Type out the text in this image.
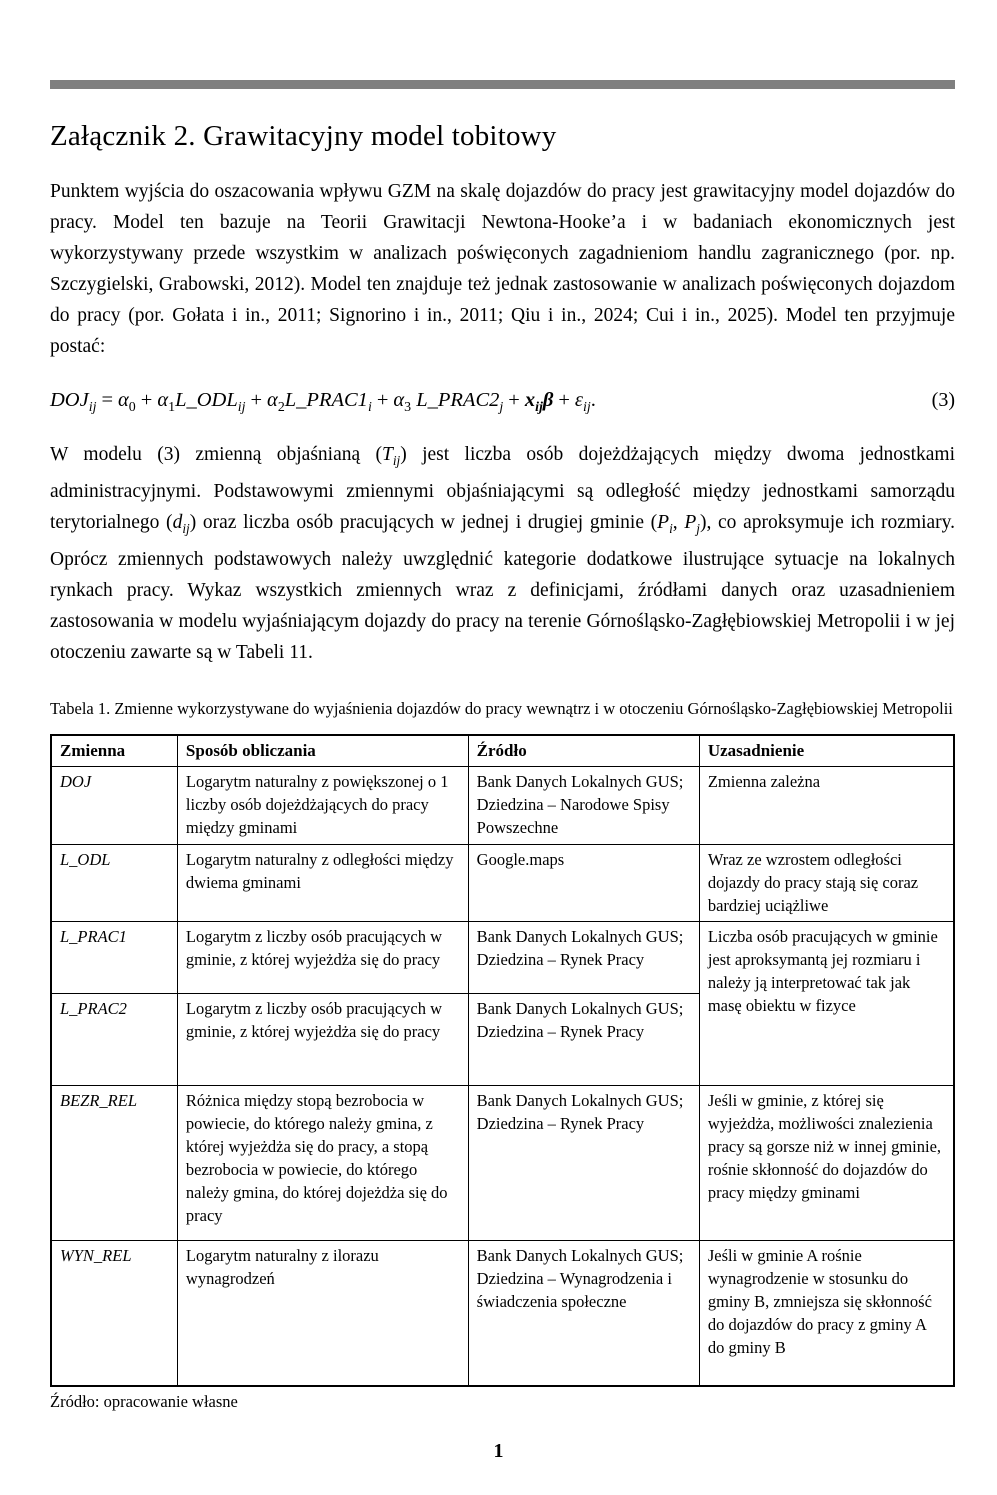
Załącznik 2. Grawitacyjny model tobitowy

Punktem wyjścia do oszacowania wpływu GZM na skalę dojazdów do pracy jest grawitacyjny model dojazdów do pracy. Model ten bazuje na Teorii Grawitacji Newtona-Hooke’a i w badaniach ekonomicznych jest wykorzystywany przede wszystkim w analizach poświęconych zagadnieniom handlu zagranicznego (por. np. Szczygielski, Grabowski, 2012). Model ten znajduje też jednak zastosowanie w analizach poświęconych dojazdom do pracy (por. Gołata i in., 2011; Signorino i in., 2011; Qiu i in., 2024; Cui i in., 2025). Model ten przyjmuje postać:

$DOJ_{ij} = \alpha_0$ + $\alpha_1L\_ODL_{ij}$ + $\alpha_2L\_PRAC1_i + \alpha_3$ $L\_PRAC2_j + x_{ij}\beta + \varepsilon_{ij}$.	(3)

W modelu (3) zmienną objaśnianą $(T_{ij})$ jest liczba osób dojeżdżających między dwoma jednostkami administracyjnymi. Podstawowymi zmiennymi objaśniającymi są odległość między jednostkami samorządu terytorialnego $(d_{ij})$ oraz liczba osób pracujących w jednej i drugiej gminie ($P_i$, $P_j$), co aproksymuje ich rozmiary. Oprócz zmiennych podstawowych należy uwzględnić kategorie dodatkowe ilustrujące sytuacje na lokalnych rynkach pracy. Wykaz wszystkich zmiennych wraz z definicjami, źródłami danych oraz uzasadnieniem zastosowania w modelu wyjaśniającym dojazdy do pracy na terenie Górnośląsko-Zagłębiowskiej Metropolii i w jej otoczeniu zawarte są w Tabeli 11.

Tabela 1. Zmienne wykorzystywane do wyjaśnienia dojazdów do pracy wewnątrz i w otoczeniu Górnośląsko-Zagłębiowskiej Metropolii

Zmienna	Sposób obliczania	Źródło	Uzasadnienie
DOJ	Logarytm naturalny z powiększonej o 1 liczby osób dojeżdżających do pracy między gminami	Bank Danych Lokalnych GUS; Dziedzina – Narodowe Spisy Powszechne	Zmienna zależna
L_ODL	Logarytm naturalny z odległości między dwiema gminami	Google.maps	Wraz ze wzrostem odległości dojazdy do pracy stają się coraz bardziej uciążliwe
L_PRAC1	Logarytm z liczby osób pracujących w gminie, z której wyjeżdża się do pracy	Bank Danych Lokalnych GUS; Dziedzina – Rynek Pracy	Liczba osób pracujących w gminie jest aproksymantą jej rozmiaru i należy ją interpretować tak jak masę obiektu w fizyce
L_PRAC2	Logarytm z liczby osób pracujących w gminie, z której wyjeżdża się do pracy	Bank Danych Lokalnych GUS; Dziedzina – Rynek Pracy	
BEZR_REL	Różnica między stopą bezrobocia w powiecie, do którego należy gmina, z której wyjeżdża się do pracy, a stopą bezrobocia w powiecie, do którego należy gmina, do której dojeżdża się do pracy	Bank Danych Lokalnych GUS; Dziedzina – Rynek Pracy	Jeśli w gminie, z której się wyjeżdża, możliwości znalezienia pracy są gorsze niż w innej gminie, rośnie skłonność do dojazdów do pracy między gminami
WYN_REL	Logarytm naturalny z ilorazu wynagrodzeń	Bank Danych Lokalnych GUS; Dziedzina – Wynagrodzenia i świadczenia społeczne	Jeśli w gminie A rośnie wynagrodzenie w stosunku do gminy B, zmniejsza się skłonność do dojazdów do pracy z gminy A do gminy B

Źródło: opracowanie własne

1
